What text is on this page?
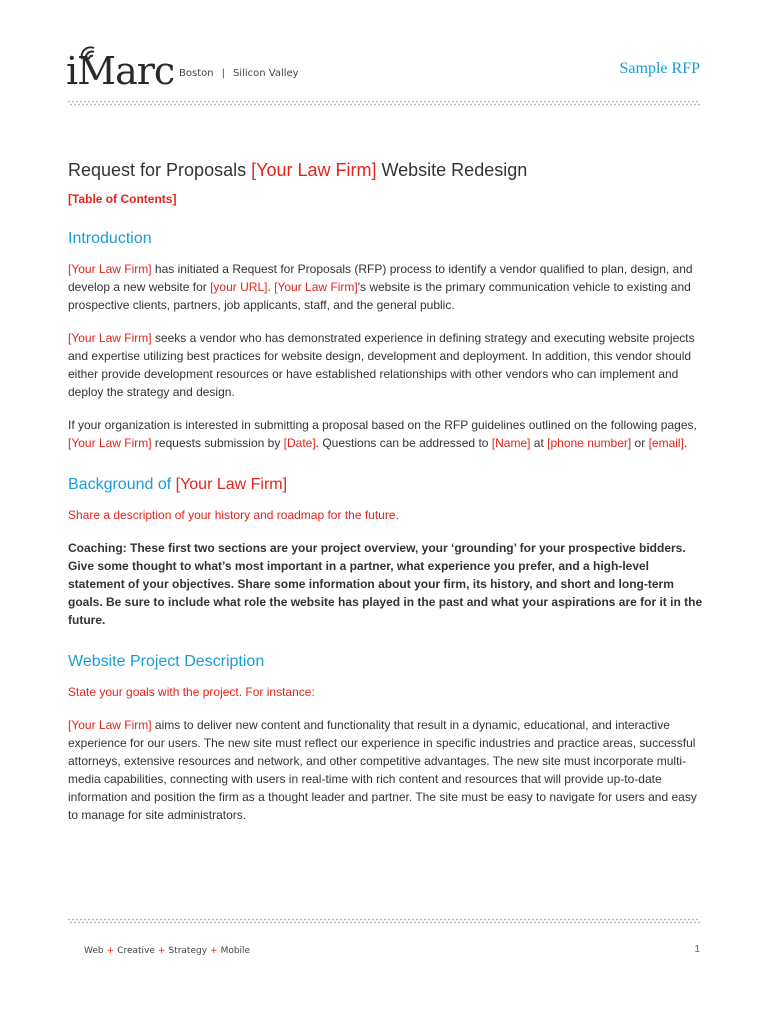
iMarc Boston | Silicon Valley	Sample RFP
Request for Proposals [Your Law Firm] Website Redesign
[Table of Contents]
Introduction

[Your Law Firm] has initiated a Request for Proposals (RFP) process to identify a vendor qualified to plan, design, and develop a new website for [your URL]. [Your Law Firm]'s website is the primary communication vehicle to existing and prospective clients, partners, job applicants, staff, and the general public.

[Your Law Firm] seeks a vendor who has demonstrated experience in defining strategy and executing website projects and expertise utilizing best practices for website design, development and deployment. In addition, this vendor should either provide development resources or have established relationships with other vendors who can implement and deploy the strategy and design.

If your organization is interested in submitting a proposal based on the RFP guidelines outlined on the following pages, [Your Law Firm] requests submission by [Date]. Questions can be addressed to [Name] at [phone number] or [email].

Background of [Your Law Firm]

Share a description of your history and roadmap for the future.

Coaching: These first two sections are your project overview, your ‘grounding’ for your prospective bidders. Give some thought to what’s most important in a partner, what experience you prefer, and a high-level statement of your objectives. Share some information about your firm, its history, and short and long-term goals. Be sure to include what role the website has played in the past and what your aspirations are for it in the future.

Website Project Description

State your goals with the project. For instance:

[Your Law Firm] aims to deliver new content and functionality that result in a dynamic, educational, and interactive experience for our users. The new site must reflect our experience in specific industries and practice areas, successful attorneys, extensive resources and network, and other competitive advantages. The new site must incorporate multi-media capabilities, connecting with users in real-time with rich content and resources that will provide up-to-date information and position the firm as a thought leader and partner. The site must be easy to navigate for users and easy to manage for site administrators.

Web + Creative + Strategy + Mobile	1
